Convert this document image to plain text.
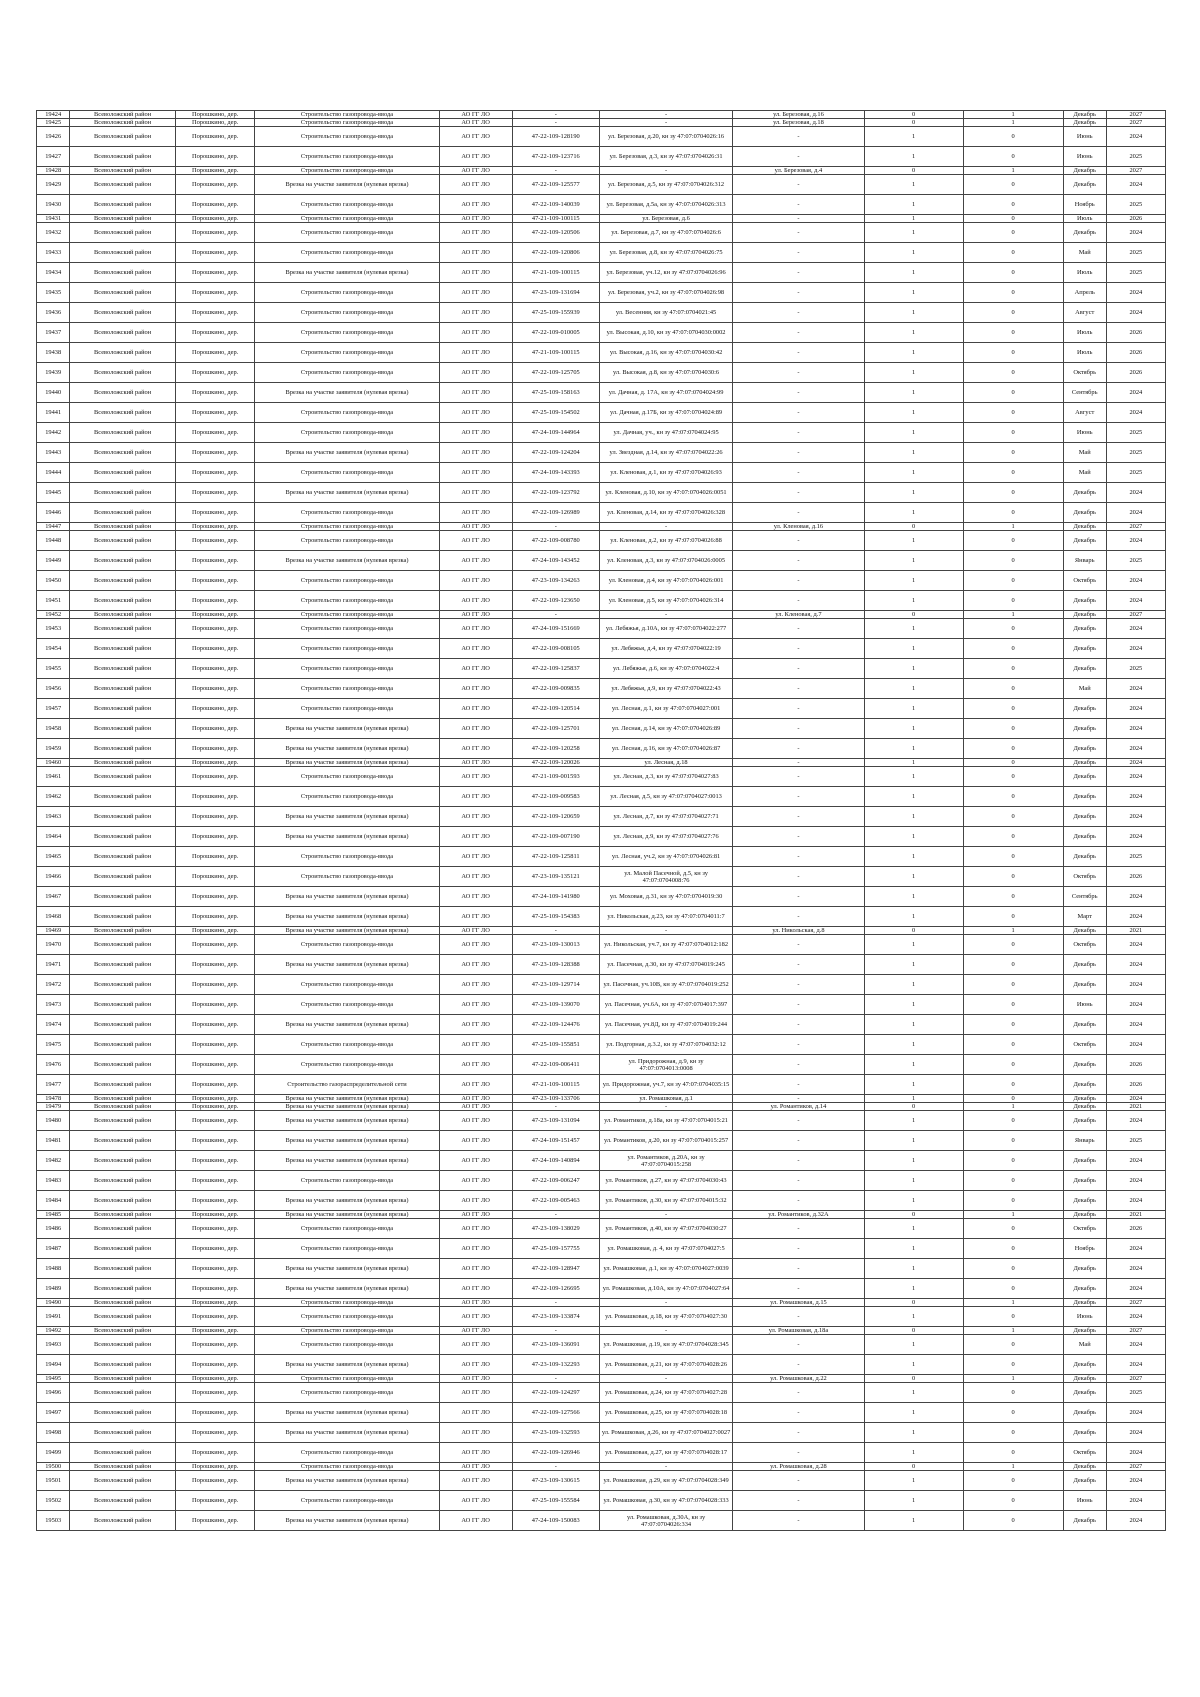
19424	Всеволожский район	Порошкино, дер.	Строительство газопровода-ввода	АО ГГ ЛО	-	-	ул. Березовая, д.16	0	1	Декабрь	2027
19425	Всеволожский район	Порошкино, дер.	Строительство газопровода-ввода	АО ГГ ЛО	-	-	ул. Березовая, д.18	0	1	Декабрь	2027
19426	Всеволожский район	Порошкино, дер.	Строительство газопровода-ввода	АО ГГ ЛО	47-22-109-128190	ул. Березовая, д.20, кн зу 47:07:0704026:16	-	1	0	Июнь	2024
19427	Всеволожский район	Порошкино, дер.	Строительство газопровода-ввода	АО ГГ ЛО	47-22-109-123716	ул. Березовая, д.3, кн зу 47:07:0704026:31	-	1	0	Июнь	2025
19428	Всеволожский район	Порошкино, дер.	Строительство газопровода-ввода	АО ГГ ЛО	-	-	ул. Березовая, д.4	0	1	Декабрь	2027
19429	Всеволожский район	Порошкино, дер.	Врезка на участке заявителя (нулевая врезка)	АО ГГ ЛО	47-22-109-125577	ул. Березовая, д.5, кн зу 47:07:0704026:312	-	1	0	Декабрь	2024
19430	Всеволожский район	Порошкино, дер.	Строительство газопровода-ввода	АО ГГ ЛО	47-22-109-140039	ул. Березовая, д.5а, кн зу 47:07:0704026:313	-	1	0	Ноябрь	2025
19431	Всеволожский район	Порошкино, дер.	Строительство газопровода-ввода	АО ГГ ЛО	47-21-109-100115	ул. Березовая, д.6	-	1	0	Июль	2026
19432	Всеволожский район	Порошкино, дер.	Строительство газопровода-ввода	АО ГГ ЛО	47-22-109-120506	ул. Березовая, д.7, кн зу 47:07:0704026:6	-	1	0	Декабрь	2024
19433	Всеволожский район	Порошкино, дер.	Строительство газопровода-ввода	АО ГГ ЛО	47-22-109-120806	ул. Березовая, д.8, кн зу 47:07:0704026:75	-	1	0	Май	2025
19434	Всеволожский район	Порошкино, дер.	Врезка на участке заявителя (нулевая врезка)	АО ГГ ЛО	47-21-109-100115	ул. Березовая, уч.12, кн зу 47:07:0704026:96	-	1	0	Июль	2025
19435	Всеволожский район	Порошкино, дер.	Строительство газопровода-ввода	АО ГГ ЛО	47-23-109-131694	ул. Березовая, уч.2, кн зу 47:07:0704026:98	-	1	0	Апрель	2024
19436	Всеволожский район	Порошкино, дер.	Строительство газопровода-ввода	АО ГГ ЛО	47-25-109-155939	ул. Весенняя, кн зу 47:07:0704021:45	-	1	0	Август	2024
19437	Всеволожский район	Порошкино, дер.	Строительство газопровода-ввода	АО ГГ ЛО	47-22-109-010005	ул. Высокая, д.10, кн зу 47:07:0704030:0002	-	1	0	Июль	2026
19438	Всеволожский район	Порошкино, дер.	Строительство газопровода-ввода	АО ГГ ЛО	47-21-109-100115	ул. Высокая, д.16, кн зу 47:07:0704030:42	-	1	0	Июль	2026
19439	Всеволожский район	Порошкино, дер.	Строительство газопровода-ввода	АО ГГ ЛО	47-22-109-125705	ул. Высокая, д.8, кн зу 47:07:0704030:6	-	1	0	Октябрь	2026
19440	Всеволожский район	Порошкино, дер.	Врезка на участке заявителя (нулевая врезка)	АО ГГ ЛО	47-25-109-158163	ул. Дачная, д. 17А, кн зу 47:07:0704024:99	-	1	0	Сентябрь	2024
19441	Всеволожский район	Порошкино, дер.	Строительство газопровода-ввода	АО ГГ ЛО	47-25-109-154502	ул. Дачная, д.17Б, кн зу 47:07:0704024:89	-	1	0	Август	2024
19442	Всеволожский район	Порошкино, дер.	Строительство газопровода-ввода	АО ГГ ЛО	47-24-109-144964	ул. Дачная, уч., кн зу 47:07:0704024:95	-	1	0	Июнь	2025
19443	Всеволожский район	Порошкино, дер.	Врезка на участке заявителя (нулевая врезка)	АО ГГ ЛО	47-22-109-124204	ул. Звездная, д.14, кн зу 47:07:0704022:26	-	1	0	Май	2025
19444	Всеволожский район	Порошкино, дер.	Строительство газопровода-ввода	АО ГГ ЛО	47-24-109-143393	ул. Кленовая, д.1, кн зу 47:07:0704026:93	-	1	0	Май	2025
19445	Всеволожский район	Порошкино, дер.	Врезка на участке заявителя (нулевая врезка)	АО ГГ ЛО	47-22-109-123792	ул. Кленовая, д.10, кн зу 47:07:0704026:0051	-	1	0	Декабрь	2024
19446	Всеволожский район	Порошкино, дер.	Строительство газопровода-ввода	АО ГГ ЛО	47-22-109-126989	ул. Кленовая, д.14, кн зу 47:07:0704026:328	-	1	0	Декабрь	2024
19447	Всеволожский район	Порошкино, дер.	Строительство газопровода-ввода	АО ГГ ЛО	-	-	ул. Кленовая, д.16	0	1	Декабрь	2027
19448	Всеволожский район	Порошкино, дер.	Строительство газопровода-ввода	АО ГГ ЛО	47-22-109-008780	ул. Кленовая, д.2, кн зу 47:07:0704026:88	-	1	0	Декабрь	2024
19449	Всеволожский район	Порошкино, дер.	Врезка на участке заявителя (нулевая врезка)	АО ГГ ЛО	47-24-109-143452	ул. Кленовая, д.3, кн зу 47:07:0704026:0005	-	1	0	Январь	2025
19450	Всеволожский район	Порошкино, дер.	Строительство газопровода-ввода	АО ГГ ЛО	47-23-109-134263	ул. Кленовая, д.4, кн зу 47:07:0704026:001	-	1	0	Октябрь	2024
19451	Всеволожский район	Порошкино, дер.	Строительство газопровода-ввода	АО ГГ ЛО	47-22-109-123650	ул. Кленовая, д.5, кн зу 47:07:0704026:314	-	1	0	Декабрь	2024
19452	Всеволожский район	Порошкино, дер.	Строительство газопровода-ввода	АО ГГ ЛО	-	-	ул. Кленовая, д.7	0	1	Декабрь	2027
19453	Всеволожский район	Порошкино, дер.	Строительство газопровода-ввода	АО ГГ ЛО	47-24-109-151669	ул. Лебяжья, д.10А, кн зу 47:07:0704022:277	-	1	0	Декабрь	2024
19454	Всеволожский район	Порошкино, дер.	Строительство газопровода-ввода	АО ГГ ЛО	47-22-109-008105	ул. Лебяжья, д.4, кн зу 47:07:0704022:19	-	1	0	Декабрь	2024
19455	Всеволожский район	Порошкино, дер.	Строительство газопровода-ввода	АО ГГ ЛО	47-22-109-125837	ул. Лебяжья, д.6, кн зу 47:07:0704022:4	-	1	0	Декабрь	2025
19456	Всеволожский район	Порошкино, дер.	Строительство газопровода-ввода	АО ГГ ЛО	47-22-109-009835	ул. Лебяжья, д.9, кн зу 47:07:0704022:43	-	1	0	Май	2024
19457	Всеволожский район	Порошкино, дер.	Строительство газопровода-ввода	АО ГГ ЛО	47-22-109-120514	ул. Лесная, д.1, кн зу 47:07:0704027:001	-	1	0	Декабрь	2024
19458	Всеволожский район	Порошкино, дер.	Врезка на участке заявителя (нулевая врезка)	АО ГГ ЛО	47-22-109-125701	ул. Лесная, д.14, кн зу 47:07:0704026:89	-	1	0	Декабрь	2024
19459	Всеволожский район	Порошкино, дер.	Врезка на участке заявителя (нулевая врезка)	АО ГГ ЛО	47-22-109-120258	ул. Лесная, д.16, кн зу 47:07:0704026:87	-	1	0	Декабрь	2024
19460	Всеволожский район	Порошкино, дер.	Врезка на участке заявителя (нулевая врезка)	АО ГГ ЛО	47-22-109-120026	ул. Лесная, д.18	-	1	0	Декабрь	2024
19461	Всеволожский район	Порошкино, дер.	Строительство газопровода-ввода	АО ГГ ЛО	47-21-109-001593	ул. Лесная, д.3, кн зу 47:07:0704027:83	-	1	0	Декабрь	2024
19462	Всеволожский район	Порошкино, дер.	Строительство газопровода-ввода	АО ГГ ЛО	47-22-109-009583	ул. Лесная, д.5, кн зу 47:07:0704027:0013	-	1	0	Декабрь	2024
19463	Всеволожский район	Порошкино, дер.	Врезка на участке заявителя (нулевая врезка)	АО ГГ ЛО	47-22-109-120659	ул. Лесная, д.7, кн зу 47:07:0704027:71	-	1	0	Декабрь	2024
19464	Всеволожский район	Порошкино, дер.	Врезка на участке заявителя (нулевая врезка)	АО ГГ ЛО	47-22-109-007190	ул. Лесная, д.9, кн зу 47:07:0704027:76	-	1	0	Декабрь	2024
19465	Всеволожский район	Порошкино, дер.	Строительство газопровода-ввода	АО ГГ ЛО	47-22-109-125811	ул. Лесная, уч.2, кн зу 47:07:0704026:81	-	1	0	Декабрь	2025
19466	Всеволожский район	Порошкино, дер.	Строительство газопровода-ввода	АО ГГ ЛО	47-23-109-135121	ул. Малой Пасечной, д.5, кн зу 47:07:0704008:76	-	1	0	Октябрь	2026
19467	Всеволожский район	Порошкино, дер.	Врезка на участке заявителя (нулевая врезка)	АО ГГ ЛО	47-24-109-141980	ул. Моховая, д.31, кн зу 47:07:0704019:30	-	1	0	Сентябрь	2024
19468	Всеволожский район	Порошкино, дер.	Врезка на участке заявителя (нулевая врезка)	АО ГГ ЛО	47-25-109-154383	ул. Никольская, д.23, кн зу 47:07:0704011:7	-	1	0	Март	2024
19469	Всеволожский район	Порошкино, дер.	Врезка на участке заявителя (нулевая врезка)	АО ГГ ЛО	-	-	ул. Никольская, д.8	0	1	Декабрь	2021
19470	Всеволожский район	Порошкино, дер.	Строительство газопровода-ввода	АО ГГ ЛО	47-23-109-130013	ул. Никольская, уч.7, кн зу 47:07:0704012:182	-	1	0	Октябрь	2024
19471	Всеволожский район	Порошкино, дер.	Врезка на участке заявителя (нулевая врезка)	АО ГГ ЛО	47-23-109-128388	ул. Пасечная, д.30, кн зу 47:07:0704019:245	-	1	0	Декабрь	2024
19472	Всеволожский район	Порошкино, дер.	Строительство газопровода-ввода	АО ГГ ЛО	47-23-109-129714	ул. Пасечная, уч.10В, кн зу 47:07:0704019:252	-	1	0	Декабрь	2024
19473	Всеволожский район	Порошкино, дер.	Строительство газопровода-ввода	АО ГГ ЛО	47-23-109-139070	ул. Пасечная, уч.6А, кн зу 47:07:0704017:397	-	1	0	Июнь	2024
19474	Всеволожский район	Порошкино, дер.	Врезка на участке заявителя (нулевая врезка)	АО ГГ ЛО	47-22-109-124476	ул. Пасечная, уч.8Д, кн зу 47:07:0704019:244	-	1	0	Декабрь	2024
19475	Всеволожский район	Порошкино, дер.	Строительство газопровода-ввода	АО ГГ ЛО	47-25-109-155851	ул. Подгорная, д.3.2, кн зу 47:07:0704032:12	-	1	0	Октябрь	2024
19476	Всеволожский район	Порошкино, дер.	Строительство газопровода-ввода	АО ГГ ЛО	47-22-109-006411	ул. Придорожная, д.9, кн зу 47:07:0704013:0008	-	1	0	Декабрь	2026
19477	Всеволожский район	Порошкино, дер.	Строительство газораспределительной сети	АО ГГ ЛО	47-21-109-100115	ул. Придорожная, уч.7, кн зу 47:07:0704035:15	-	1	0	Декабрь	2026
19478	Всеволожский район	Порошкино, дер.	Врезка на участке заявителя (нулевая врезка)	АО ГГ ЛО	47-23-109-133706	ул. Ромашковая, д.1	-	1	0	Декабрь	2024
19479	Всеволожский район	Порошкино, дер.	Врезка на участке заявителя (нулевая врезка)	АО ГГ ЛО	-	-	ул. Романтиков, д.14	0	1	Декабрь	2021
19480	Всеволожский район	Порошкино, дер.	Врезка на участке заявителя (нулевая врезка)	АО ГГ ЛО	47-23-109-131094	ул. Романтиков, д.18а, кн зу 47:07:0704015:21	-	1	0	Декабрь	2024
19481	Всеволожский район	Порошкино, дер.	Врезка на участке заявителя (нулевая врезка)	АО ГГ ЛО	47-24-109-151457	ул. Романтиков, д.20, кн зу 47:07:0704015:257	-	1	0	Январь	2025
19482	Всеволожский район	Порошкино, дер.	Врезка на участке заявителя (нулевая врезка)	АО ГГ ЛО	47-24-109-140894	ул. Романтиков, д.20А, кн зу 47:07:0704015:258	-	1	0	Декабрь	2024
19483	Всеволожский район	Порошкино, дер.	Строительство газопровода-ввода	АО ГГ ЛО	47-22-109-006247	ул. Романтиков, д.27, кн зу 47:07:0704030:43	-	1	0	Декабрь	2024
19484	Всеволожский район	Порошкино, дер.	Врезка на участке заявителя (нулевая врезка)	АО ГГ ЛО	47-22-109-005463	ул. Романтиков, д.30, кн зу 47:07:0704015:32	-	1	0	Декабрь	2024
19485	Всеволожский район	Порошкино, дер.	Врезка на участке заявителя (нулевая врезка)	АО ГГ ЛО	-	-	ул. Романтиков, д.32А	0	1	Декабрь	2021
19486	Всеволожский район	Порошкино, дер.	Строительство газопровода-ввода	АО ГГ ЛО	47-23-109-138029	ул. Романтиков, д.40, кн зу 47:07:0704030:27	-	1	0	Октябрь	2026
19487	Всеволожский район	Порошкино, дер.	Строительство газопровода-ввода	АО ГГ ЛО	47-25-109-157755	ул. Ромашковая, д. 4, кн зу 47:07:0704027:5	-	1	0	Ноябрь	2024
19488	Всеволожский район	Порошкино, дер.	Врезка на участке заявителя (нулевая врезка)	АО ГГ ЛО	47-22-109-128947	ул. Ромашковая, д.1, кн зу 47:07:0704027:0039	-	1	0	Декабрь	2024
19489	Всеволожский район	Порошкино, дер.	Врезка на участке заявителя (нулевая врезка)	АО ГГ ЛО	47-22-109-126695	ул. Ромашковая, д.10А, кн зу 47:07:0704027:64	-	1	0	Декабрь	2024
19490	Всеволожский район	Порошкино, дер.	Строительство газопровода-ввода	АО ГГ ЛО	-	-	ул. Ромашковая, д.15	0	1	Декабрь	2027
19491	Всеволожский район	Порошкино, дер.	Строительство газопровода-ввода	АО ГГ ЛО	47-23-109-133874	ул. Ромашковая, д.18, кн зу 47:07:0704027:30	-	1	0	Июнь	2024
19492	Всеволожский район	Порошкино, дер.	Строительство газопровода-ввода	АО ГГ ЛО	-	-	ул. Ромашковая, д.18а	0	1	Декабрь	2027
19493	Всеволожский район	Порошкино, дер.	Строительство газопровода-ввода	АО ГГ ЛО	47-23-109-136091	ул. Ромашковая, д.19, кн зу 47:07:0704028:345	-	1	0	Май	2024
19494	Всеволожский район	Порошкино, дер.	Врезка на участке заявителя (нулевая врезка)	АО ГГ ЛО	47-23-109-132293	ул. Ромашковая, д.21, кн зу 47:07:0704028:26	-	1	0	Декабрь	2024
19495	Всеволожский район	Порошкино, дер.	Строительство газопровода-ввода	АО ГГ ЛО	-	-	ул. Ромашковая, д.22	0	1	Декабрь	2027
19496	Всеволожский район	Порошкино, дер.	Строительство газопровода-ввода	АО ГГ ЛО	47-22-109-124297	ул. Ромашковая, д.24, кн зу 47:07:0704027:28	-	1	0	Декабрь	2025
19497	Всеволожский район	Порошкино, дер.	Врезка на участке заявителя (нулевая врезка)	АО ГГ ЛО	47-22-109-127566	ул. Ромашковая, д.25, кн зу 47:07:0704028:18	-	1	0	Декабрь	2024
19498	Всеволожский район	Порошкино, дер.	Врезка на участке заявителя (нулевая врезка)	АО ГГ ЛО	47-23-109-132593	ул. Ромашковая, д.26, кн зу 47:07:0704027:0027	-	1	0	Декабрь	2024
19499	Всеволожский район	Порошкино, дер.	Строительство газопровода-ввода	АО ГГ ЛО	47-22-109-126946	ул. Ромашковая, д.27, кн зу 47:07:0704028:17	-	1	0	Октябрь	2024
19500	Всеволожский район	Порошкино, дер.	Строительство газопровода-ввода	АО ГГ ЛО	-	-	ул. Ромашковая, д.28	0	1	Декабрь	2027
19501	Всеволожский район	Порошкино, дер.	Врезка на участке заявителя (нулевая врезка)	АО ГГ ЛО	47-23-109-130615	ул. Ромашковая, д.29, кн зу 47:07:0704028:349	-	1	0	Декабрь	2024
19502	Всеволожский район	Порошкино, дер.	Строительство газопровода-ввода	АО ГГ ЛО	47-25-109-155584	ул. Ромашковая, д.30, кн зу 47:07:0704028:333	-	1	0	Июнь	2024
19503	Всеволожский район	Порошкино, дер.	Врезка на участке заявителя (нулевая врезка)	АО ГГ ЛО	47-24-109-150083	ул. Ромашковая, д.30А, кн зу 47:07:0704026:334	-	1	0	Декабрь	2024
